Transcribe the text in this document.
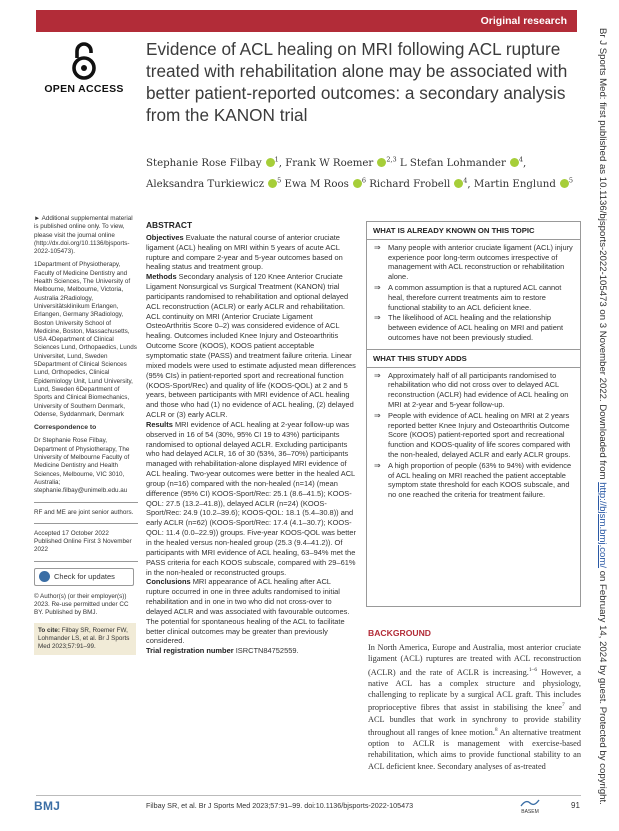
Original research
OPEN ACCESS
Evidence of ACL healing on MRI following ACL rupture treated with rehabilitation alone may be associated with better patient-reported outcomes: a secondary analysis from the KANON trial
Stephanie Rose Filbay $^1$, Frank W Roemer $^{2,3}$ L Stefan Lohmander $^4$, Aleksandra Turkiewicz $^5$ Ewa M Roos $^6$ Richard Frobell $^4$, Martin Englund $^5$

► Additional supplemental material is published online only. To view, please visit the journal online (http://dx.doi.org/10.1136/bjsports-2022-105473).

1Department of Physiotherapy, Faculty of Medicine Dentistry and Health Sciences, The University of Melbourne, Melbourne, Victoria, Australia 2Radiology, Universitätsklinikum Erlangen, Erlangen, Germany 3Radiology, Boston University School of Medicine, Boston, Massachusetts, USA 4Department of Clinical Sciences Lund, Orthopaedics, Lunds Universitet, Lund, Sweden 5Department of Clinical Sciences Lund, Orthopedics, Clinical Epidemiology Unit, Lund University, Lund, Sweden 6Department of Sports and Clinical Biomechanics, University of Southern Denmark, Odense, Syddanmark, Denmark

Correspondence to

Dr Stephanie Rose Filbay, Department of Physiotherapy, The University of Melbourne Faculty of Medicine Dentistry and Health Sciences, Melbourne, VIC 3010, Australia; stephanie.filbay@unimelb.edu.au

RF and ME are joint senior authors.

Accepted 17 October 2022 Published Online First 3 November 2022

Check for updates

© Author(s) (or their employer(s)) 2023. Re-use permitted under CC BY. Published by BMJ.

To cite: Filbay SR, Roemer FW, Lohmander LS, et al. Br J Sports Med 2023;57:91–99.
ABSTRACT
Objectives Evaluate the natural course of anterior cruciate ligament (ACL) healing on MRI within 5 years of acute ACL rupture and compare 2-year and 5-year outcomes based on healing status and treatment group.
Methods Secondary analysis of 120 Knee Anterior Cruciate Ligament Nonsurgical vs Surgical Treatment (KANON) trial participants randomised to rehabilitation and optional delayed ACL reconstruction (ACLR) or early ACLR and rehabilitation. ACL continuity on MRI (Anterior Cruciate Ligament OsteoArthritis Score 0–2) was considered evidence of ACL healing. Outcomes included Knee Injury and Osteoarthritis Outcome Score (KOOS), KOOS patient acceptable symptomatic state (PASS) and treatment failure criteria. Linear mixed models were used to estimate adjusted mean differences (95% CIs) in patient-reported sport and recreational function (KOOS-Sport/Rec) and quality of life (KOOS-QOL) at 2 and 5 years, between participants with MRI evidence of ACL healing and those who had (1) no evidence of ACL healing, (2) delayed ACLR or (3) early ACLR.
Results MRI evidence of ACL healing at 2-year follow-up was observed in 16 of 54 (30%, 95% CI 19 to 43%) participants randomised to optional delayed ACLR. Excluding participants who had delayed ACLR, 16 of 30 (53%, 36–70%) participants managed with rehabilitation-alone displayed MRI evidence of ACL healing. Two-year outcomes were better in the healed ACL group (n=16) compared with the non-healed (n=14) (mean difference (95% CI) KOOS-Sport/Rec: 25.1 (8.6–41.5); KOOS-QOL: 27.5 (13.2–41.8)), delayed ACLR (n=24) (KOOS-Sport/Rec: 24.9 (10.2–39.6); KOOS-QOL: 18.1 (5.4–30.8)) and early ACLR (n=62) (KOOS-Sport/Rec: 17.4 (4.1–30.7); KOOS-QOL: 11.4 (0.0–22.9)) groups. Five-year KOOS-QOL was better in the healed versus non-healed group (25.3 (9.4–41.2)). Of participants with MRI evidence of ACL healing, 63–94% met the PASS criteria for each KOOS subscale, compared with 29–61% in the non-healed or reconstructed groups.
Conclusions MRI appearance of ACL healing after ACL rupture occurred in one in three adults randomised to initial rehabilitation and in one in two who did not cross-over to delayed ACLR and was associated with favourable outcomes. The potential for spontaneous healing of the ACL to facilitate better clinical outcomes may be greater than previously considered.
Trial registration number ISRCTN84752559.
WHAT IS ALREADY KNOWN ON THIS TOPIC
⇒ Many people with anterior cruciate ligament (ACL) injury experience poor long-term outcomes irrespective of management with ACL reconstruction or rehabilitation alone.
⇒ A common assumption is that a ruptured ACL cannot heal, therefore current treatments aim to restore functional stability to an ACL deficient knee.
⇒ The likelihood of ACL healing and the relationship between evidence of ACL healing on MRI and patient outcomes have not been previously studied.
WHAT THIS STUDY ADDS
⇒ Approximately half of all participants randomised to rehabilitation who did not cross over to delayed ACL reconstruction (ACLR) had evidence of ACL healing on MRI at 2-year and 5-year follow-up.
⇒ People with evidence of ACL healing on MRI at 2 years reported better Knee Injury and Osteoarthritis Outcome Score (KOOS) patient-reported sport and recreational function and KOOS-quality of life scores compared with the non-healed, delayed ACLR and early ACLR groups.
⇒ A high proportion of people (63% to 94%) with evidence of ACL healing on MRI reached the patient acceptable symptom state threshold for each KOOS subscale, and no one reached the criteria for treatment failure.
BACKGROUND

In North America, Europe and Australia, most anterior cruciate ligament (ACL) ruptures are treated with ACL reconstruction (ACLR) and the rate of ACLR is increasing.$^{1-6}$ However, a native ACL has a complex structure and physiology, challenging to replicate by a surgical ACL graft. This includes proprioceptive fibres that assist in stabilising the knee$^7$ and ACL bundles that work in synchrony to provide stability throughout all ranges of knee motion.$^8$ An alternative treatment option to ACLR is management with exercise-based rehabilitation, which aims to provide functional stability to an ACL deficient knee. Secondary analyses of as-treated

Br J Sports Med: first published as 10.1136/bjsports-2022-105473 on 3 November 2022. Downloaded from http://bjsm.bmj.com/ on February 14, 2024 by guest. Protected by copyright.
BMJ	Filbay SR, et al. Br J Sports Med 2023;57:91–99. doi:10.1136/bjsports-2022-105473
BASEM
91
